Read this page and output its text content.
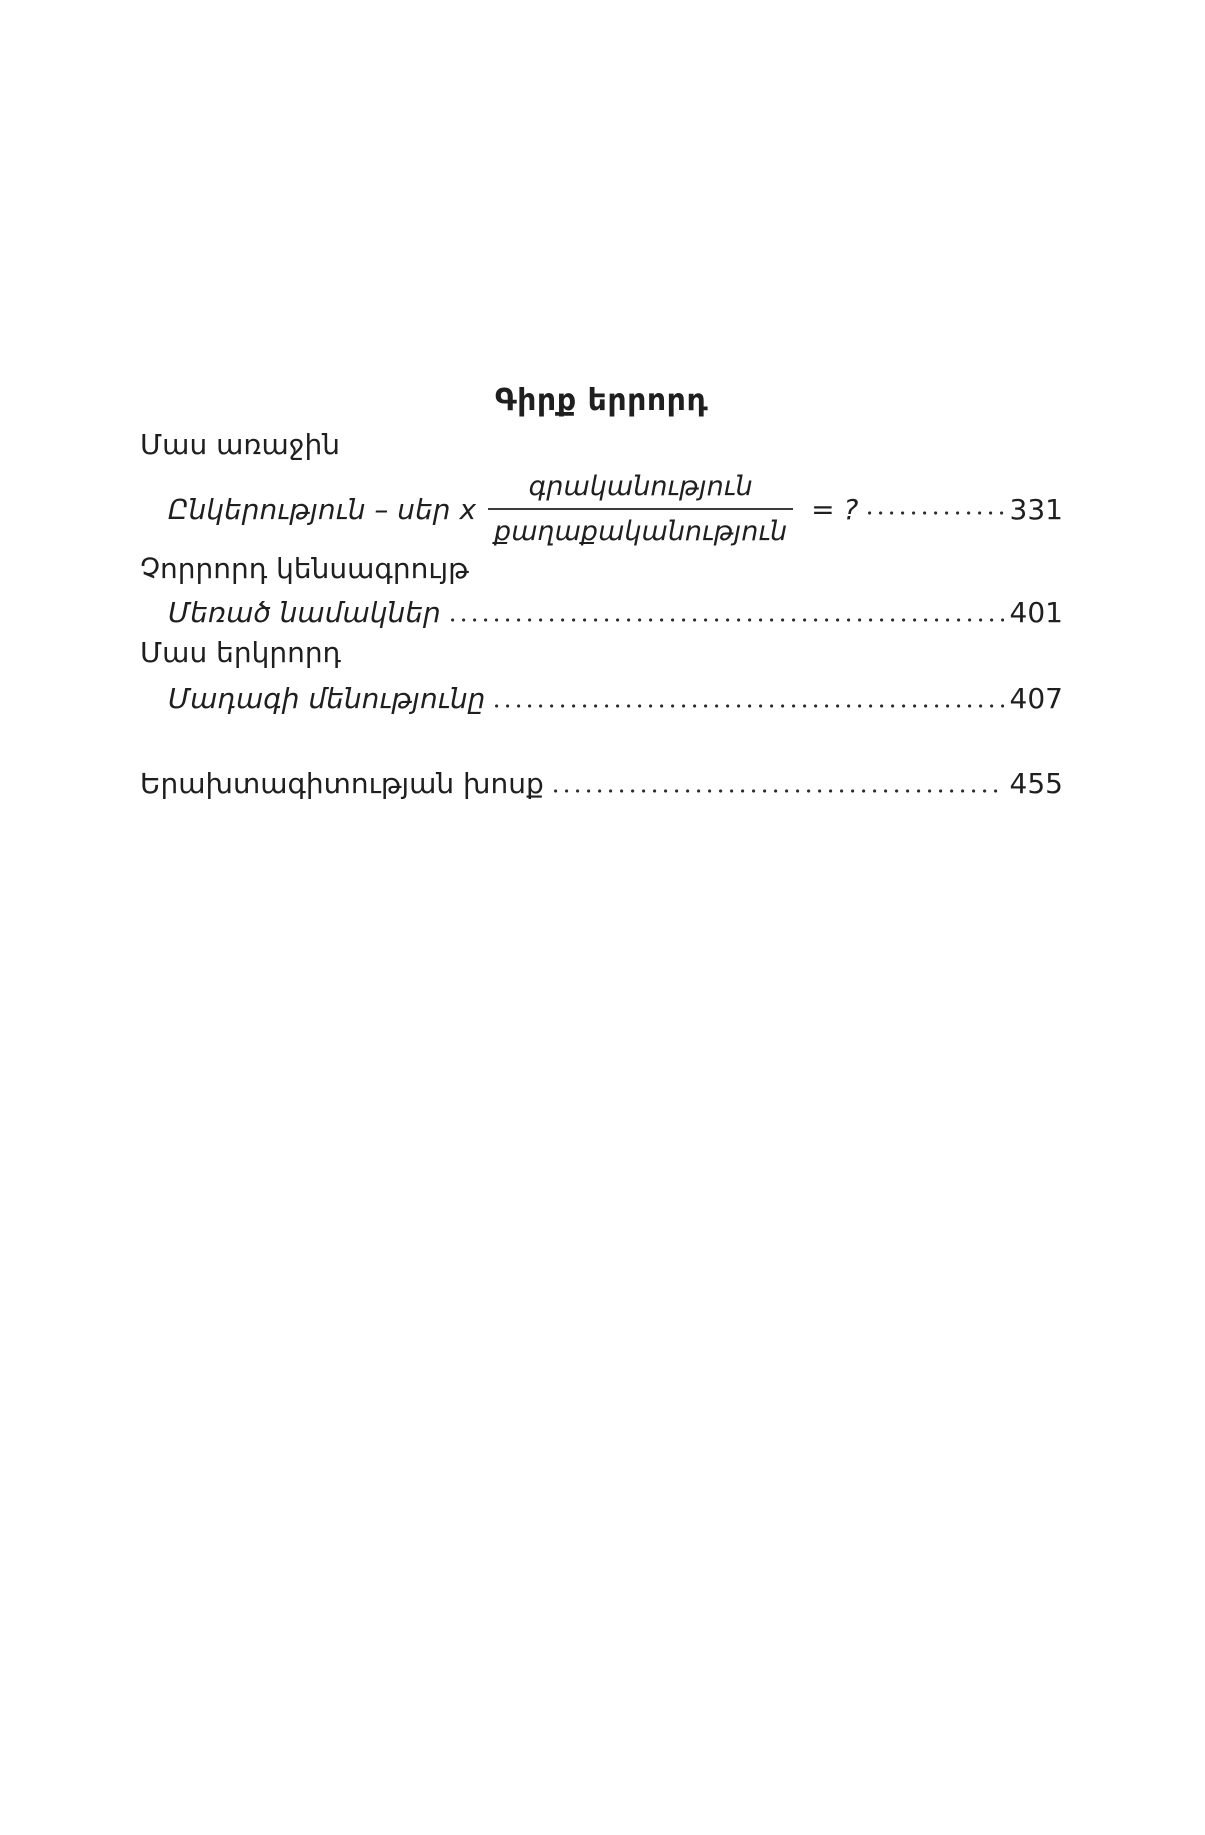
Գիրք երրորդ
Մաս առաջին
Ընկերություն – սեր x $\frac{\text{գրականություն}}{\text{քաղաքականություն}}$ = ?	331
Չորրորդ կենսագրույթ
Մեռած նամակներ	401
Մաս երկրորդ
Մադագի մենությունը	407
Երախտագիտության խոսք	455
